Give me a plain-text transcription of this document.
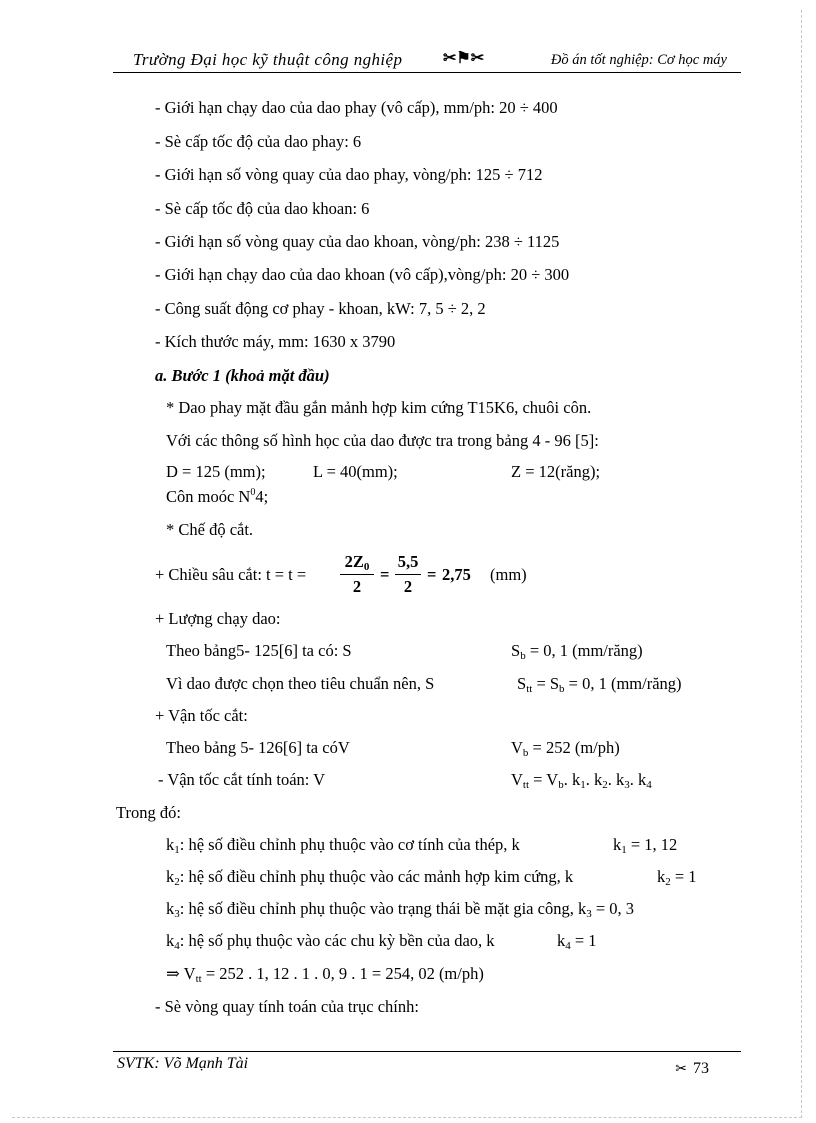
Trường Đại học kỹ thuật công nghiệp	✂⚑✂	Đồ án tốt nghiệp: Cơ học máy
- Giới hạn chạy dao của dao phay (vô cấp), mm/ph: 20 ÷ 400
- Sè cấp tốc độ của dao phay: 6
- Giới hạn số vòng quay của dao phay, vòng/ph: 125 ÷ 712
- Sè cấp tốc độ của dao khoan: 6
- Giới hạn số vòng quay của dao khoan, vòng/ph: 238 ÷ 1125
- Giới hạn chạy dao của dao khoan (vô cấp),vòng/ph: 20 ÷ 300
- Công suất động cơ phay - khoan, kW: 7, 5 ÷ 2, 2
- Kích thước máy, mm: 1630 x 3790
a. Bước 1 (khoả mặt đầu)
* Dao phay mặt đầu gắn mảnh hợp kim cứng T15K6, chuôi côn.
Với các thông số hình học của dao được tra trong bảng 4 - 96 [5]:
D = 125 (mm);	L = 40(mm);	Z = 12(răng);
Côn moóc $N^04$;
* Chế độ cắt.
+ Chiều sâu cắt: $t = t = \frac{2Z_0}{2} = \frac{5,5}{2} = 2,75$ (mm)
+ Lượng chạy dao:
Theo bảng5- 125[6] ta có: S	$S_b = 0$, 1 (mm/răng)
Vì dao được chọn theo tiêu chuẩn nên, S	$S_{tt} = S_b = 0$, 1 (mm/răng)
+ Vận tốc cắt:
Theo bảng 5- 126[6] ta cóV	$V_b = 252$ (m/ph)
- Vận tốc cắt tính toán: V	$V_{tt} = V_b$. $k_1$. $k_2$. $k_3$. $k_4$
Trong đó:
$k_1$: hệ số điều chỉnh phụ thuộc vào cơ tính của thép, k	$k_1 = 1$, 12
$k_2$: hệ số điều chỉnh phụ thuộc vào các mảnh hợp kim cứng, k	$k_2 = 1$
$k_3$: hệ số điều chỉnh phụ thuộc vào trạng thái bề mặt gia công, $k_3 = 0$, 3
$k_4$: hệ số phụ thuộc vào các chu kỳ bền của dao, k	$k_4 = 1$
⇒ $V_{tt} = 252$ . 1, 12 . 1 . 0, 9 . 1 = 254, 02 (m/ph)
- Sè vòng quay tính toán của trục chính:
SVTK: Võ Mạnh Tài	✂ 73
